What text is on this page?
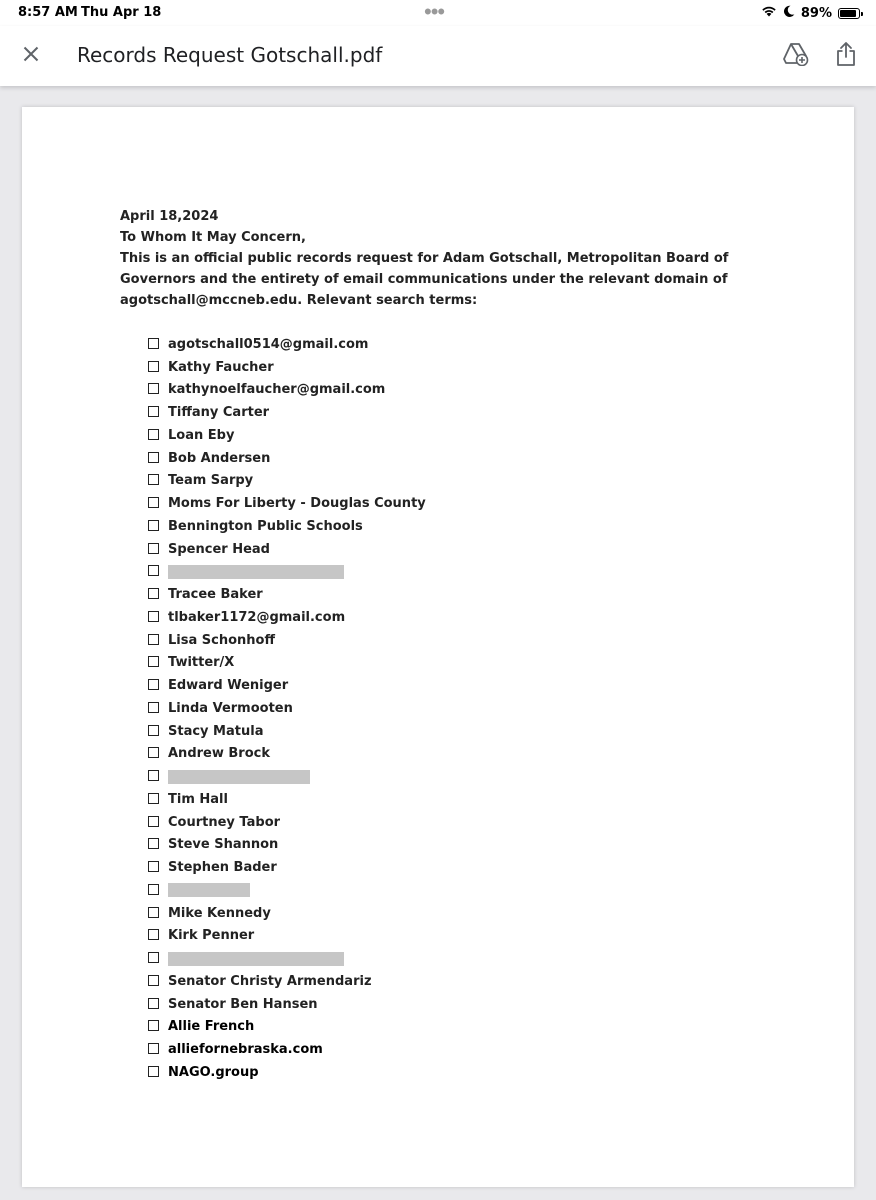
8:57 AM Thu Apr 18	•••	89%
Records Request Gotschall.pdf
April 18,2024
To Whom It May Concern,
This is an official public records request for Adam Gotschall, Metropolitan Board of Governors and the entirety of email communications under the relevant domain of agotschall@mccneb.edu. Relevant search terms:
agotschall0514@gmail.com
Kathy Faucher
kathynoelfaucher@gmail.com
Tiffany Carter
Loan Eby
Bob Andersen
Team Sarpy
Moms For Liberty - Douglas County
Bennington Public Schools
Spencer Head
Tracee Baker
tlbaker1172@gmail.com
Lisa Schonhoff
Twitter/X
Edward Weniger
Linda Vermooten
Stacy Matula
Andrew Brock
Tim Hall
Courtney Tabor
Steve Shannon
Stephen Bader
Mike Kennedy
Kirk Penner
Senator Christy Armendariz
Senator Ben Hansen
Allie French
alliefornebraska.com
NAGO.group
